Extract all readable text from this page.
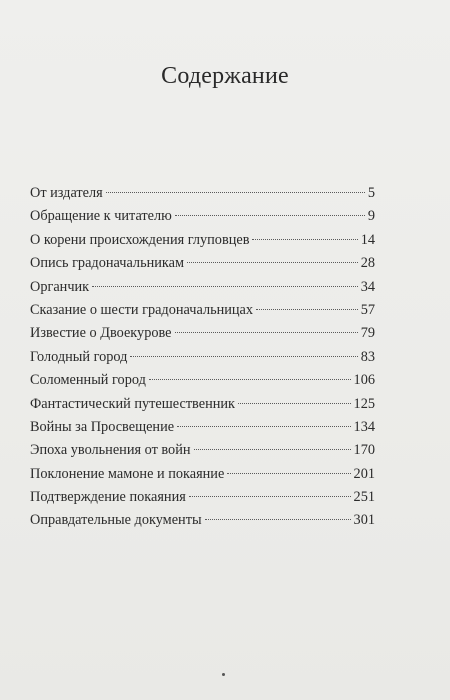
Содержание
От издателя	5
Обращение к читателю	9
О корени происхождения глуповцев	14
Опись градоначальникам	28
Органчик	34
Сказание о шести градоначальницах	57
Известие о Двоекурове	79
Голодный город	83
Соломенный город	106
Фантастический путешественник	125
Войны за Просвещение	134
Эпоха увольнения от войн	170
Поклонение мамоне и покаяние	201
Подтверждение покаяния	251
Оправдательные документы	301
